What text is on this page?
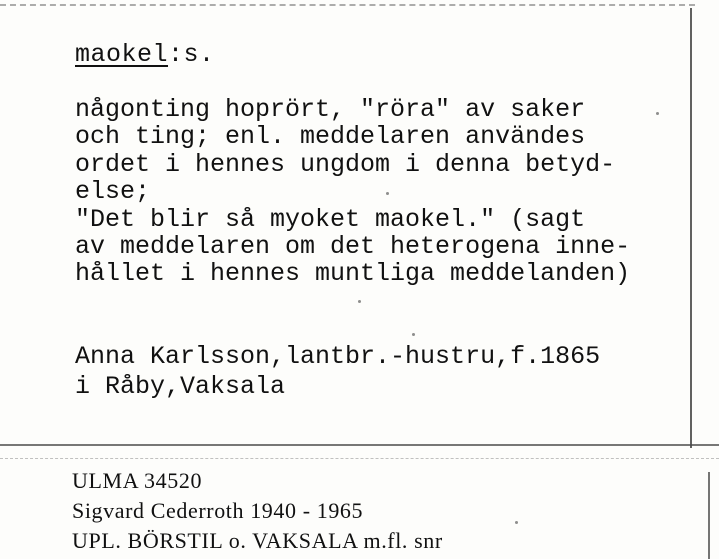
maokel:s.

någonting hoprört, "röra" av saker
och ting; enl. meddelaren användes
ordet i hennes ungdom i denna betyd-
else;
"Det blir så myoket maokel." (sagt
av meddelaren om det heterogena inne-
hållet i hennes muntliga meddelanden)
Anna Karlsson,lantbr.-hustru,f.1865
i Råby,Vaksala
ULMA 34520
Sigvard Cederroth 1940 - 1965
UPL. BÖRSTIL o. VAKSALA m.fl. snr
